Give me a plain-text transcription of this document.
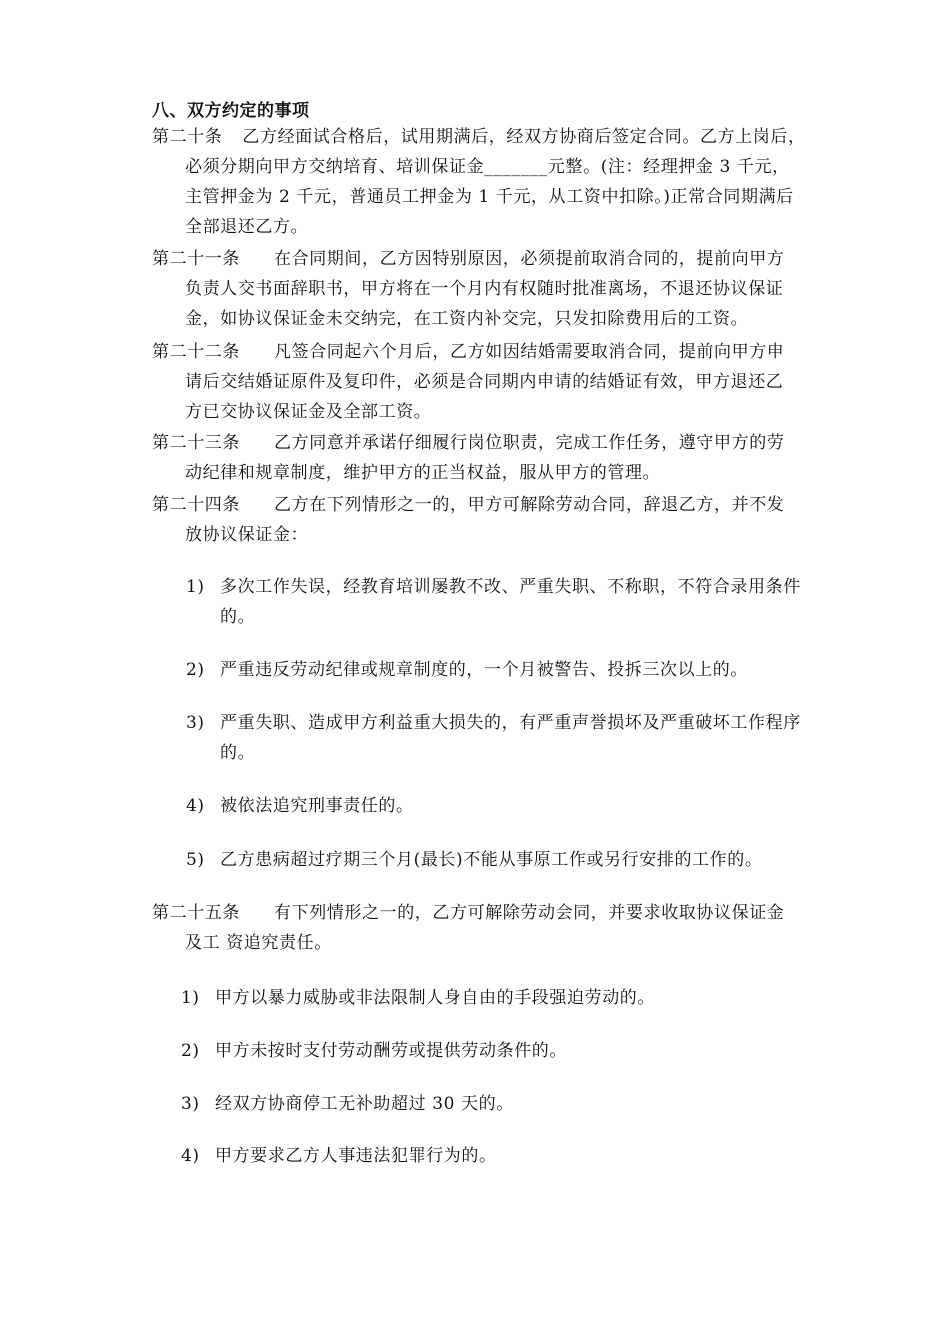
八、双方约定的事项
第二十条 乙方经面试合格后，试用期满后，经双方协商后签定合同。乙方上岗后，
必须分期向甲方交纳培育、培训保证金_______元整。(注：经理押金 3 千元，
主管押金为 2 千元，普通员工押金为 1 千元，从工资中扣除。)正常合同期满后
全部退还乙方。
第二十一条 在合同期间，乙方因特别原因，必须提前取消合同的，提前向甲方
负责人交书面辞职书，甲方将在一个月内有权随时批准离场，不退还协议保证
金，如协议保证金未交纳完，在工资内补交完，只发扣除费用后的工资。
第二十二条 凡签合同起六个月后，乙方如因结婚需要取消合同，提前向甲方申
请后交结婚证原件及复印件，必须是合同期内申请的结婚证有效，甲方退还乙
方已交协议保证金及全部工资。
第二十三条 乙方同意并承诺仔细履行岗位职责，完成工作任务，遵守甲方的劳
动纪律和规章制度，维护甲方的正当权益，服从甲方的管理。
第二十四条 乙方在下列情形之一的，甲方可解除劳动合同，辞退乙方，并不发
放协议保证金：
1) 多次工作失误，经教育培训屡教不改、严重失职、不称职，不符合录用条件
的。
2) 严重违反劳动纪律或规章制度的，一个月被警告、投拆三次以上的。
3) 严重失职、造成甲方利益重大损失的，有严重声誉损坏及严重破坏工作程序
的。
4) 被依法追究刑事责任的。
5) 乙方患病超过疗期三个月(最长)不能从事原工作或另行安排的工作的。
第二十五条 有下列情形之一的，乙方可解除劳动会同，并要求收取协议保证金
及工 资追究责任。
1) 甲方以暴力威胁或非法限制人身自由的手段强迫劳动的。
2) 甲方未按时支付劳动酬劳或提供劳动条件的。
3) 经双方协商停工无补助超过 30 天的。
4) 甲方要求乙方人事违法犯罪行为的。
